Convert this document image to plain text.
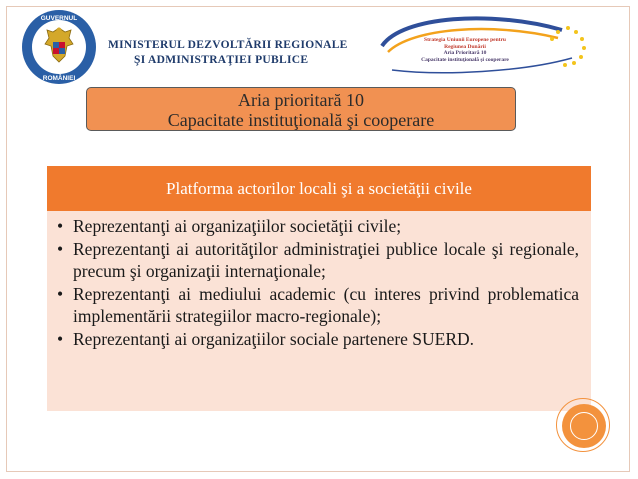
GUVERNUL
ROMÂNIEI
MINISTERUL DEZVOLTĂRII REGIONALE
ŞI ADMINISTRAŢIEI PUBLICE
Strategia Uniunii Europene pentru
Regiunea Dunării
Aria Prioritară 10
Capacitate instituţională şi cooperare
Aria prioritară 10
Capacitate instituţională şi cooperare
Platforma actorilor locali şi a societăţii civile
• Reprezentanţi ai organizaţiilor societăţii civile;
• Reprezentanţi ai autorităţilor administraţiei publice locale şi regionale, precum şi organizaţii internaţionale;
• Reprezentanţi ai mediului academic (cu interes privind problematica implementării strategiilor macro-regionale);
• Reprezentanţi ai organizaţiilor sociale partenere SUERD.
